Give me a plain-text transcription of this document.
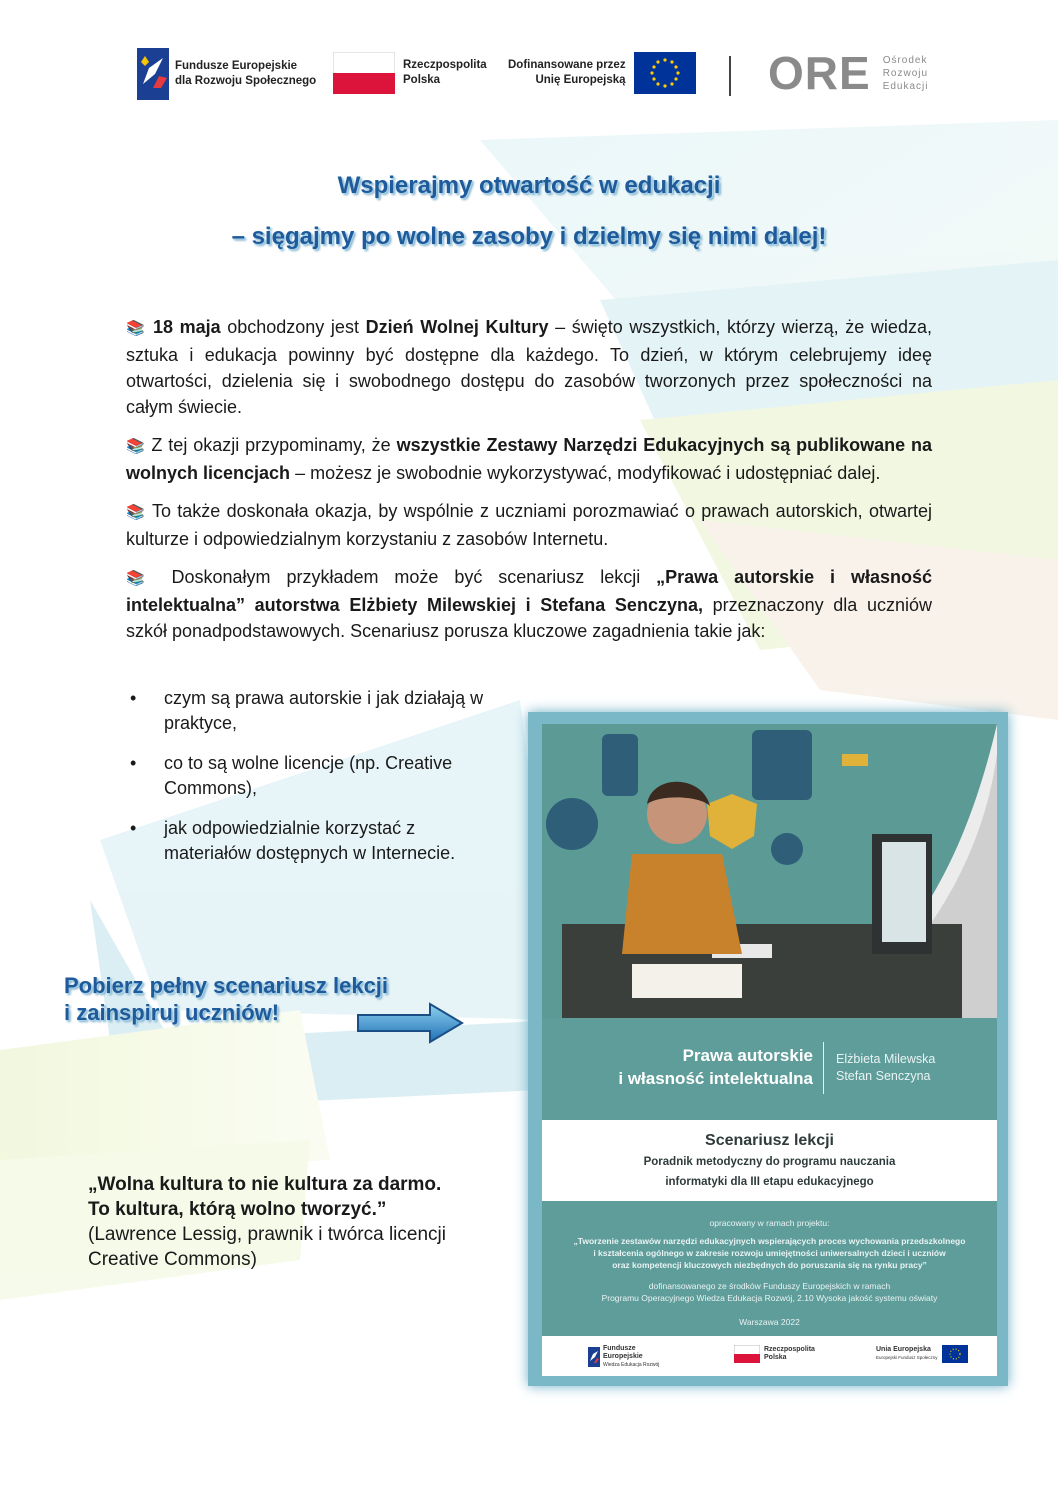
Fundusze Europejskie
dla Rozwoju Społecznego
Rzeczpospolita
Polska
Dofinansowane przez
Unię Europejską	ORE Ośrodek
Rozwoju
Edukacji
Wspierajmy otwartość w edukacji
– sięgajmy po wolne zasoby i dzielmy się nimi dalej!

📚 18 maja obchodzony jest Dzień Wolnej Kultury – święto wszystkich, którzy wierzą, że wiedza, sztuka i edukacja powinny być dostępne dla każdego. To dzień, w którym celebrujemy ideę otwartości, dzielenia się i swobodnego dostępu do zasobów tworzonych przez społeczności na całym świecie.

📚 Z tej okazji przypominamy, że wszystkie Zestawy Narzędzi Edukacyjnych są publikowane na wolnych licencjach – możesz je swobodnie wykorzystywać, modyfikować i udostępniać dalej.

📚 To także doskonała okazja, by wspólnie z uczniami porozmawiać o prawach autorskich, otwartej kulturze i odpowiedzialnym korzystaniu z zasobów Internetu.

📚 Doskonałym przykładem może być scenariusz lekcji „Prawa autorskie i własność intelektualna” autorstwa Elżbiety Milewskiej i Stefana Senczyna, przeznaczony dla uczniów szkół ponadpodstawowych. Scenariusz porusza kluczowe zagadnienia takie jak:

• czym są prawa autorskie i jak działają w praktyce,
• co to są wolne licencje (np. Creative Commons),
• jak odpowiedzialnie korzystać z materiałów dostępnych w Internecie.
Pobierz pełny scenariusz lekcji
i zainspiruj uczniów!
„Wolna kultura to nie kultura za darmo.
To kultura, którą wolno tworzyć.”
(Lawrence Lessig, prawnik i twórca licencji Creative Commons)
Prawa autorskie
i własność intelektualna
Elżbieta Milewska
Stefan Senczyna
Scenariusz lekcji
Poradnik metodyczny do programu nauczania
informatyki dla III etapu edukacyjnego
opracowany w ramach projektu:
„Tworzenie zestawów narzędzi edukacyjnych wspierających proces wychowania przedszkolnego
i kształcenia ogólnego w zakresie rozwoju umiejętności uniwersalnych dzieci i uczniów
oraz kompetencji kluczowych niezbędnych do poruszania się na rynku pracy”
dofinansowanego ze środków Funduszy Europejskich w ramach
Programu Operacyjnego Wiedza Edukacja Rozwój, 2.10 Wysoka jakość systemu oświaty
Warszawa 2022
Fundusze
Europejskie
Wiedza Edukacja Rozwój
Rzeczpospolita
Polska
Unia Europejska
Europejski Fundusz Społeczny
